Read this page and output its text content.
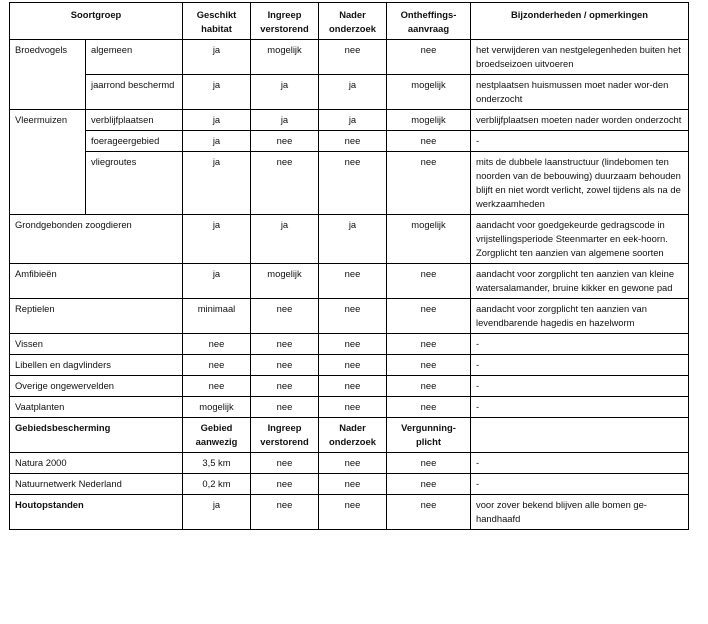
Soortgroep		Geschikt habitat	Ingreep verstorend	Nader onderzoek	Ontheffings- aanvraag	Bijzonderheden / opmerkingen
Broedvogels	algemeen	ja	mogelijk	nee	nee	het verwijderen van nestgelegenheden buiten het broedseizoen uitvoeren
	jaarrond beschermd	ja	ja	ja	mogelijk	nestplaatsen huismussen moet nader wor-den onderzocht
Vleermuizen	verblijfplaatsen	ja	ja	ja	mogelijk	verblijfplaatsen moeten nader worden onderzocht
	foerageergebied	ja	nee	nee	nee	-
	vliegroutes	ja	nee	nee	nee	mits de dubbele laanstructuur (lindebomen ten noorden van de bebouwing) duurzaam behouden blijft en niet wordt verlicht, zowel tijdens als na de werkzaamheden
Grondgebonden zoogdieren		ja	ja	ja	mogelijk	aandacht voor goedgekeurde gedragscode in vrijstellingsperiode Steenmarter en eek-hoorn. Zorgplicht ten aanzien van algemene soorten
Amfibieën		ja	mogelijk	nee	nee	aandacht voor zorgplicht ten aanzien van kleine watersalamander, bruine kikker en gewone pad
Reptielen		minimaal	nee	nee	nee	aandacht voor zorgplicht ten aanzien van levendbarende hagedis en hazelworm
Vissen		nee	nee	nee	nee	-
Libellen en dagvlinders		nee	nee	nee	nee	-
Overige ongewervelden		nee	nee	nee	nee	-
Vaatplanten		mogelijk	nee	nee	nee	-
Gebiedsbescherming		Gebied aanwezig	Ingreep verstorend	Nader onderzoek	Vergunning-plicht	
Natura 2000		3,5 km	nee	nee	nee	-
Natuurnetwerk Nederland		0,2 km	nee	nee	nee	-
Houtopstanden		ja	nee	nee	nee	voor zover bekend blijven alle bomen ge-handhaafd
